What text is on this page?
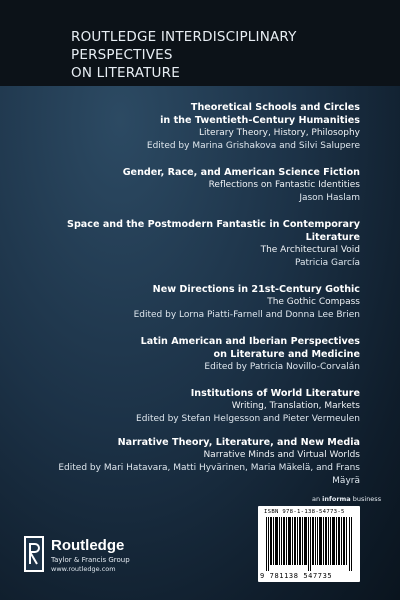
ROUTLEDGE INTERDISCIPLINARY PERSPECTIVES
ON LITERATURE
Theoretical Schools and Circles
in the Twentieth-Century Humanities
Literary Theory, History, Philosophy
Edited by Marina Grishakova and Silvi Salupere
Gender, Race, and American Science Fiction
Reflections on Fantastic Identities
Jason Haslam
Space and the Postmodern Fantastic in Contemporary Literature
The Architectural Void
Patricia García
New Directions in 21st-Century Gothic
The Gothic Compass
Edited by Lorna Piatti-Farnell and Donna Lee Brien
Latin American and Iberian Perspectives
on Literature and Medicine
Edited by Patricia Novillo-Corvalán
Institutions of World Literature
Writing, Translation, Markets
Edited by Stefan Helgesson and Pieter Vermeulen
Narrative Theory, Literature, and New Media
Narrative Minds and Virtual Worlds
Edited by Mari Hatavara, Matti Hyvärinen, Maria Mäkelä, and Frans Mäyrä
an informa business
ISBN 978-1-138-54773-5
9 781138 547735
Routledge
Taylor & Francis Group
www.routledge.com
